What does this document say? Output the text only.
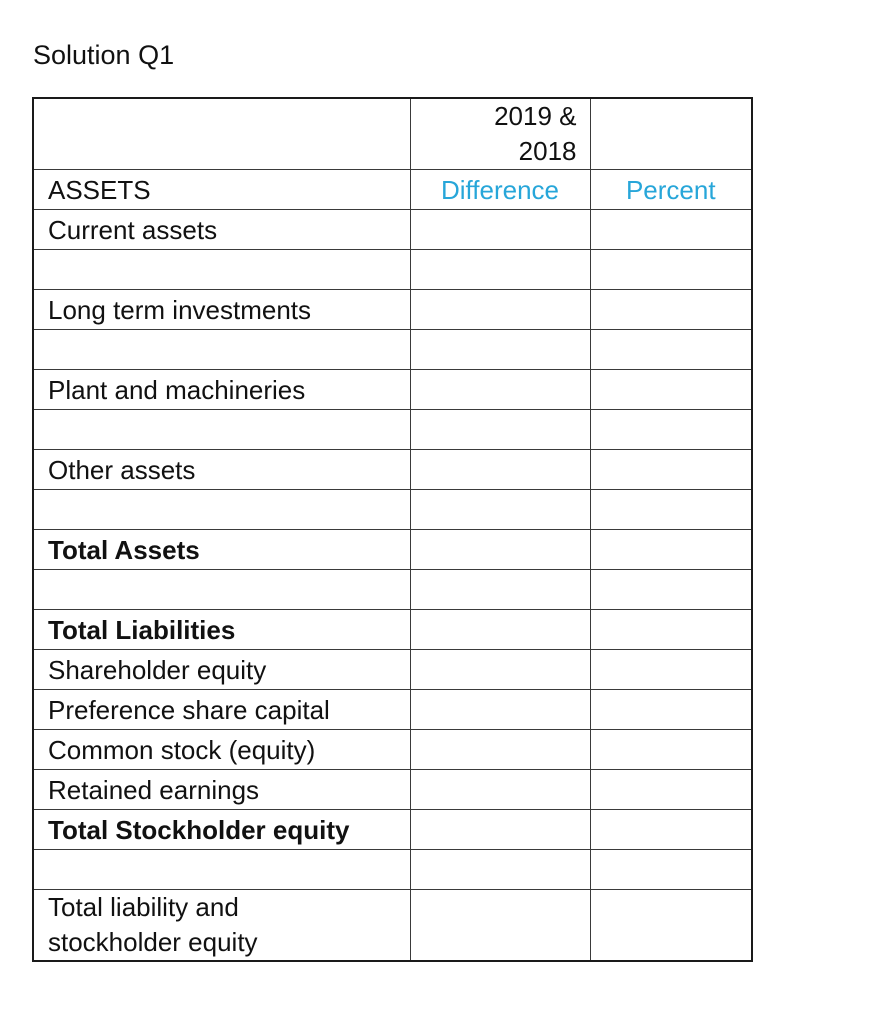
Solution Q1
	2019 &
2018	
ASSETS	Difference	Percent
Current assets		

Long term investments		

Plant and machineries		

Other assets		

Total Assets		

Total Liabilities		
Shareholder equity		
Preference share capital		
Common stock (equity)		
Retained earnings		
Total Stockholder equity		

Total liability and
stockholder equity		
